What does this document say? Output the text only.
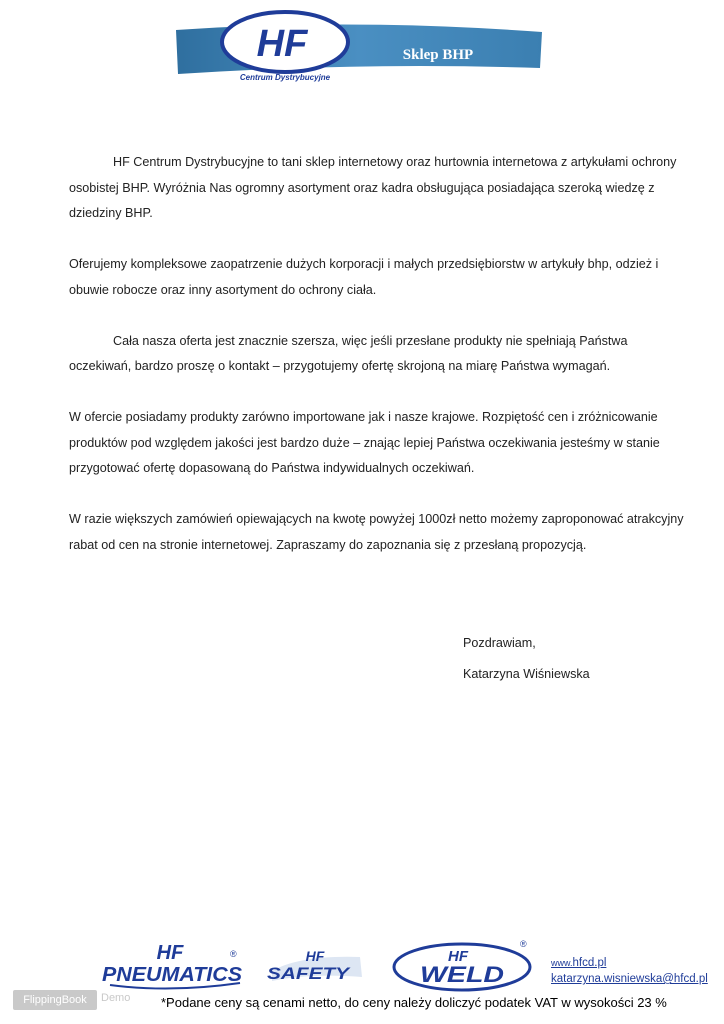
HF
Centrum Dystrybucyjne
Sklep BHP

HF Centrum Dystrybucyjne to tani sklep internetowy oraz hurtownia internetowa z artykułami ochrony osobistej BHP. Wyróżnia Nas ogromny asortyment oraz kadra obsługująca posiadająca szeroką wiedzę z dziedziny BHP.

Oferujemy kompleksowe zaopatrzenie dużych korporacji i małych przedsiębiorstw w artykuły bhp, odzież i obuwie robocze oraz inny asortyment do ochrony ciała.

Cała nasza oferta jest znacznie szersza, więc jeśli przesłane produkty nie spełniają Państwa oczekiwań, bardzo proszę o kontakt – przygotujemy ofertę skrojoną na miarę Państwa wymagań.

W ofercie posiadamy produkty zarówno importowane jak i nasze krajowe. Rozpiętość cen i zróżnicowanie produktów pod względem jakości jest bardzo duże – znając lepiej Państwa oczekiwania jesteśmy w stanie przygotować ofertę dopasowaną do Państwa indywidualnych oczekiwań.

W razie większych zamówień opiewających na kwotę powyżej 1000zł netto możemy zaproponować atrakcyjny rabat od cen na stronie internetowej. Zapraszamy do zapoznania się z przesłaną propozycją.

Pozdrawiam,
Katarzyna Wiśniewska
HF
PNEUMATICS
®	HF
SAFETY
HF
WELD
®
www.hfcd.pl
katarzyna.wisniewska@hfcd.pl
*Podane ceny są cenami netto, do ceny należy doliczyć podatek VAT w wysokości 23 %
FlippingBook	Demo
